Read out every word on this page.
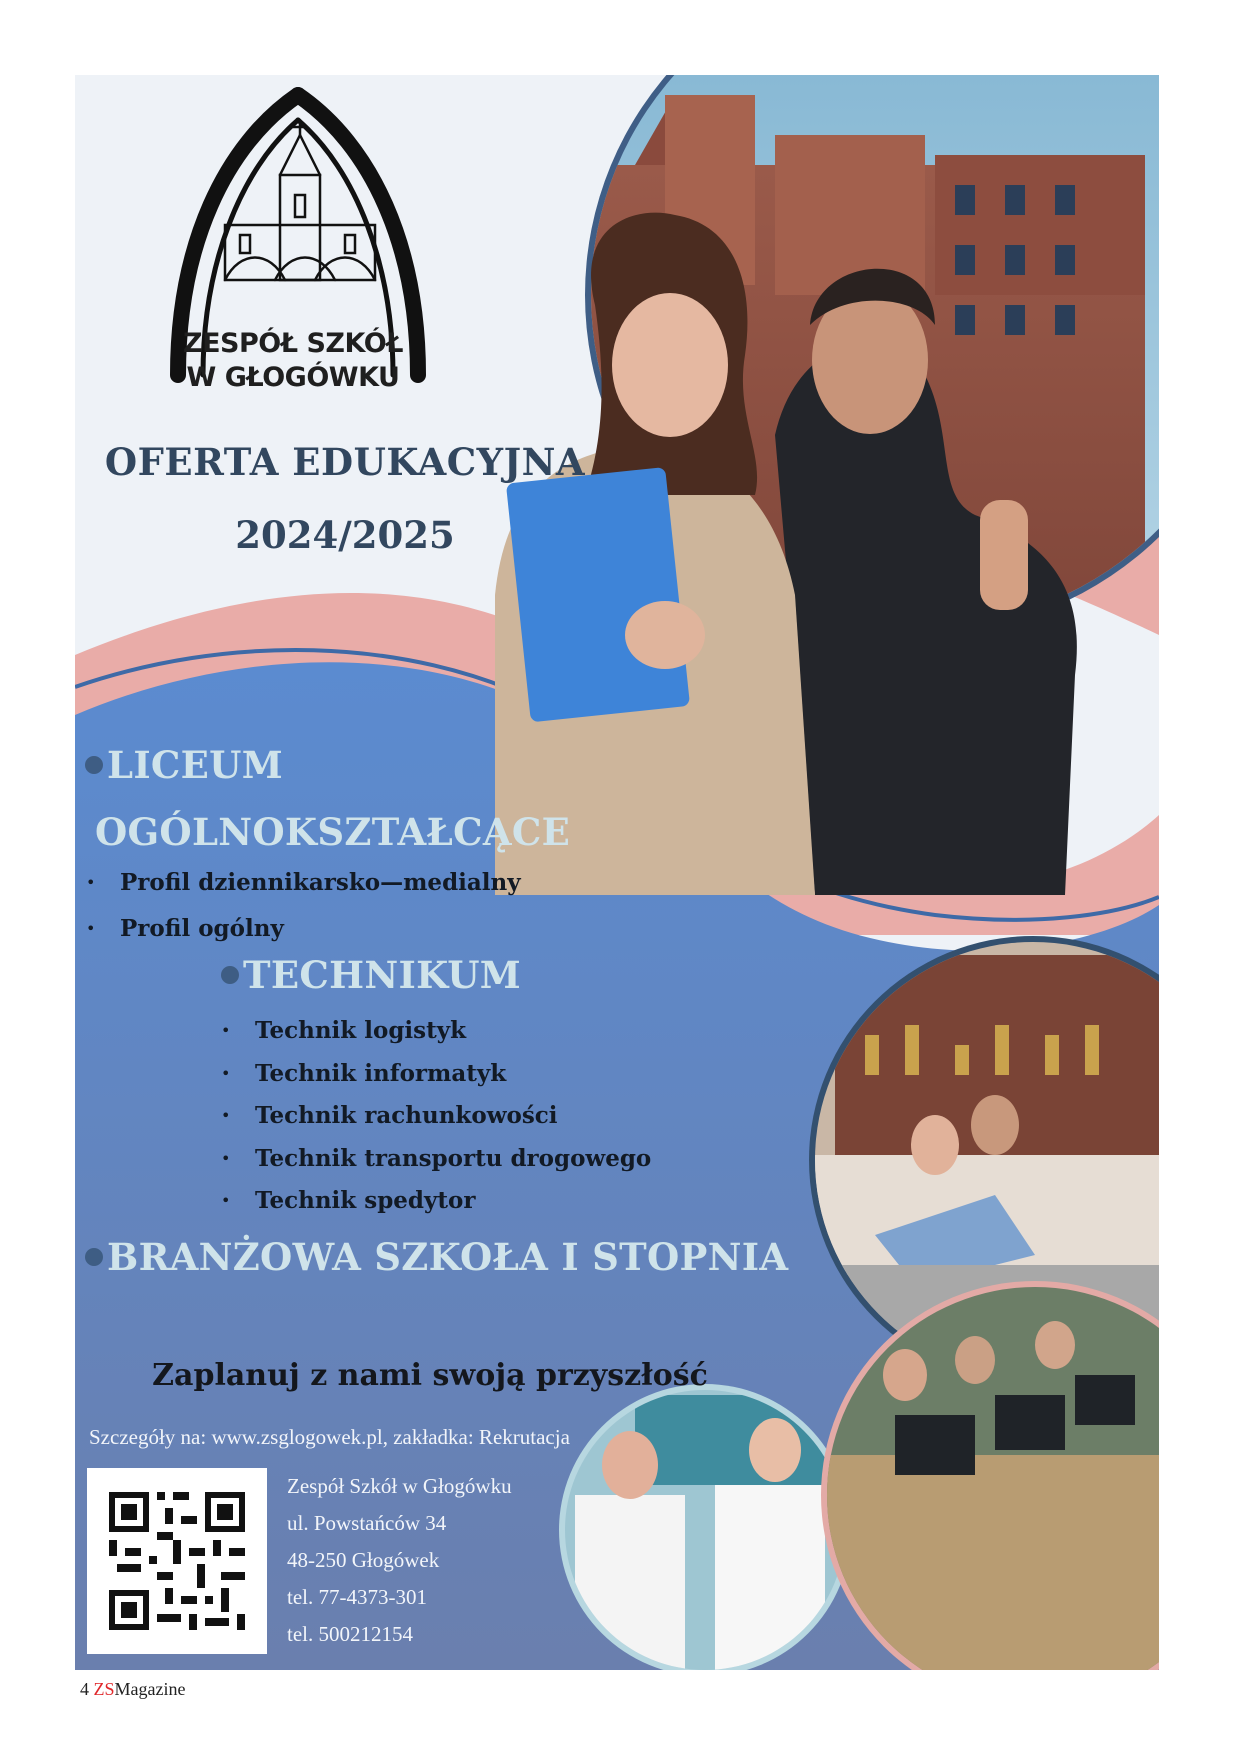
ZESPÓŁ SZKÓŁ
W GŁOGÓWKU
OFERTA EDUKACYJNA
2024/2025
LICEUM
OGÓLNOKSZTAŁCĄCE
• Profil dziennikarsko—medialny
• Profil ogólny
TECHNIKUM
• Technik logistyk
• Technik informatyk
• Technik rachunkowości
• Technik transportu drogowego
• Technik spedytor
BRANŻOWA SZKOŁA I STOPNIA
Zaplanuj z nami swoją przyszłość
Szczegóły na: www.zsglogowek.pl, zakładka: Rekrutacja
Zespół Szkół w Głogówku
ul. Powstańców 34
48-250 Głogówek
tel. 77-4373-301
tel. 500212154
4 ZSMagazine
